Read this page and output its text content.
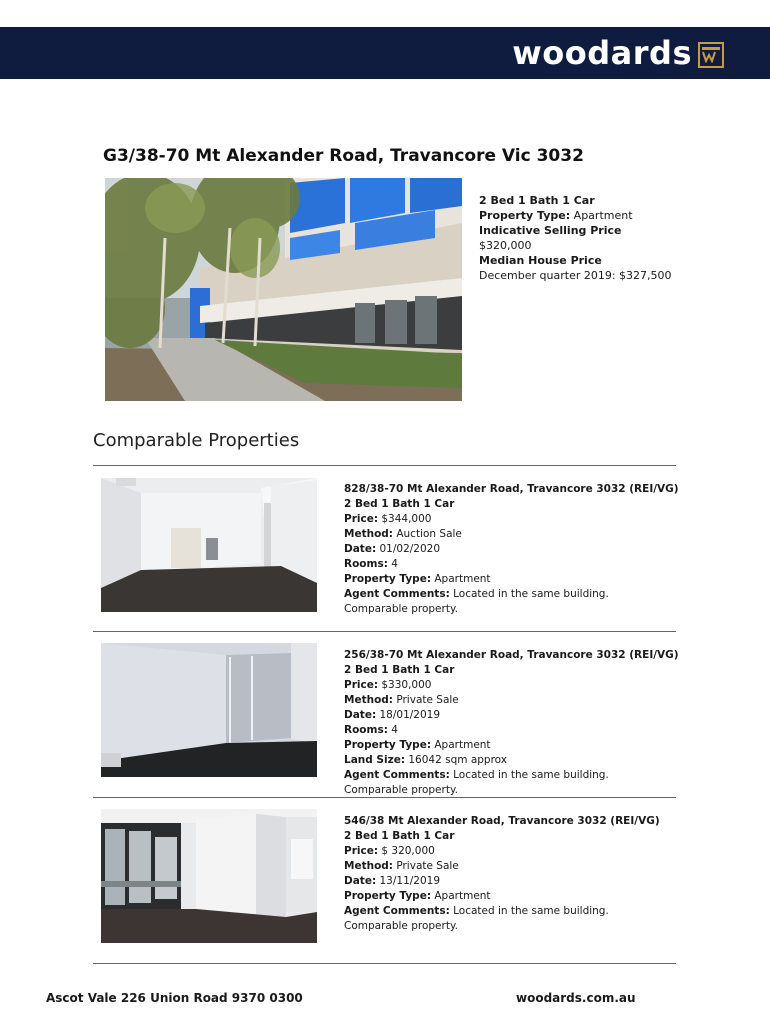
woodards
G3/38-70 Mt Alexander Road, Travancore Vic 3032
2 Bed 1 Bath 1 Car
Property Type: Apartment
Indicative Selling Price
$320,000
Median House Price
December quarter 2019: $327,500
Comparable Properties
828/38-70 Mt Alexander Road, Travancore 3032 (REI/VG)
2 Bed 1 Bath 1 Car
Price: $344,000
Method: Auction Sale
Date: 01/02/2020
Rooms: 4
Property Type: Apartment
Agent Comments: Located in the same building.
Comparable property.
256/38-70 Mt Alexander Road, Travancore 3032 (REI/VG)
2 Bed 1 Bath 1 Car
Price: $330,000
Method: Private Sale
Date: 18/01/2019
Rooms: 4
Property Type: Apartment
Land Size: 16042 sqm approx
Agent Comments: Located in the same building.
Comparable property.
546/38 Mt Alexander Road, Travancore 3032 (REI/VG)
2 Bed 1 Bath 1 Car
Price: $ 320,000
Method: Private Sale
Date: 13/11/2019
Property Type: Apartment
Agent Comments: Located in the same building.
Comparable property.
Ascot Vale 226 Union Road 9370 0300	woodards.com.au
